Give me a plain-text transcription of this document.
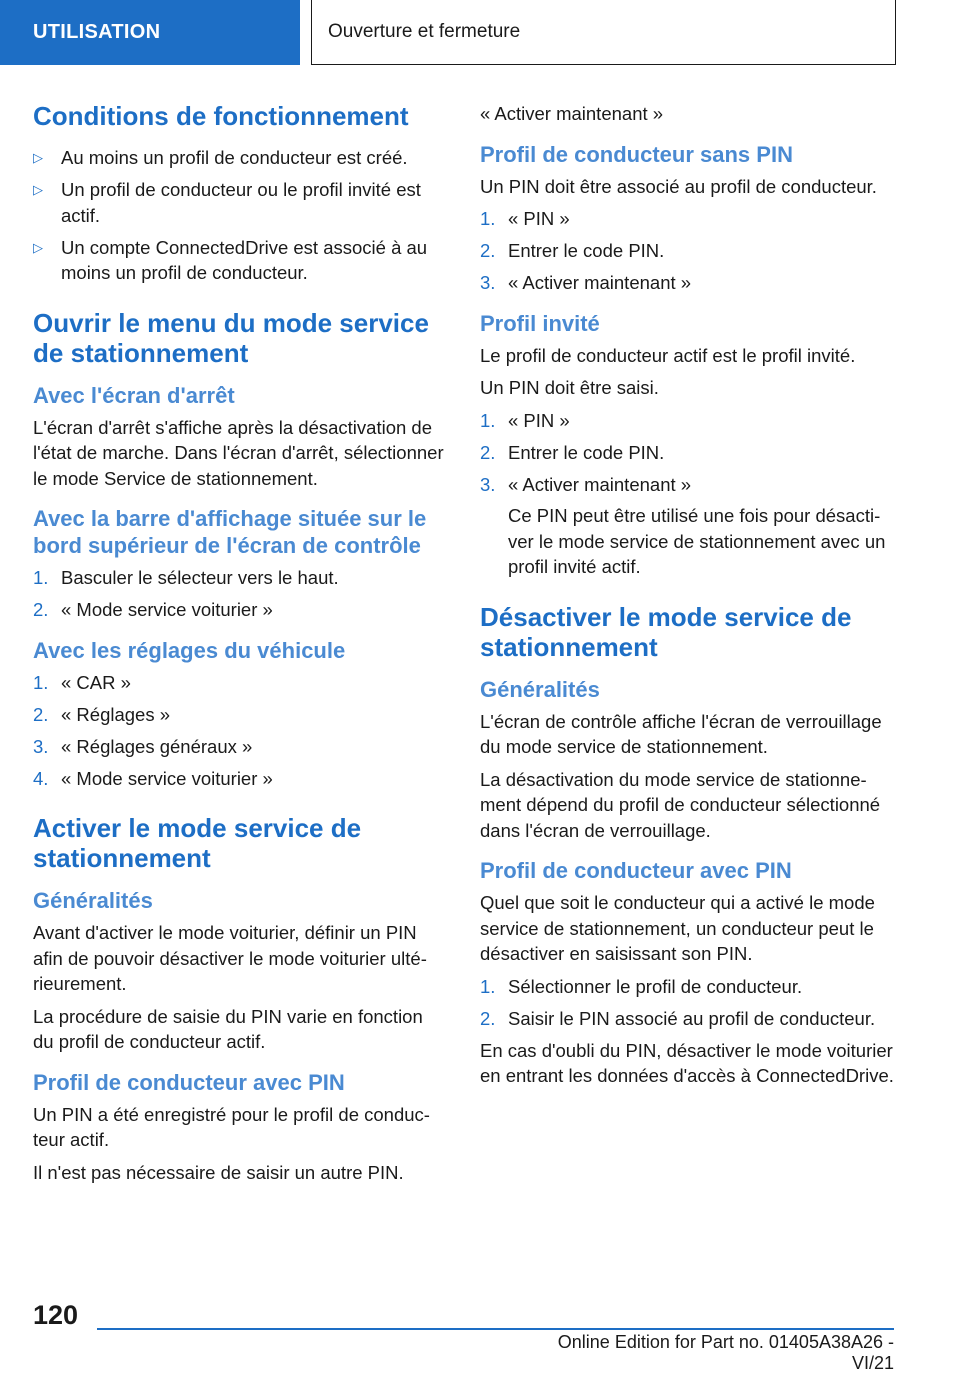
UTILISATION	Ouverture et fermeture
Conditions de fonctionnement
▷ Au moins un profil de conducteur est créé.
▷ Un profil de conducteur ou le profil invité est actif.
▷ Un compte ConnectedDrive est associé à au moins un profil de conducteur.
Ouvrir le menu du mode service de stationnement
Avec l'écran d'arrêt

L'écran d'arrêt s'affiche après la désactivation de l'état de marche. Dans l'écran d'arrêt, sélectionner le mode Service de stationnement.

Avec la barre d'affichage située sur le bord supérieur de l'écran de contrôle
1. Basculer le sélecteur vers le haut.
2. « Mode service voiturier »
Avec les réglages du véhicule
1. « CAR »
2. « Réglages »
3. « Réglages généraux »
4. « Mode service voiturier »
Activer le mode service de stationnement
Généralités

Avant d'activer le mode voiturier, définir un PIN afin de pouvoir désactiver le mode voiturier ultérieurement.

La procédure de saisie du PIN varie en fonction du profil de conducteur actif.

Profil de conducteur avec PIN

Un PIN a été enregistré pour le profil de conducteur actif.

Il n'est pas nécessaire de saisir un autre PIN.

« Activer maintenant »

Profil de conducteur sans PIN

Un PIN doit être associé au profil de conducteur.

1. « PIN »
2. Entrer le code PIN.
3. « Activer maintenant »
Profil invité

Le profil de conducteur actif est le profil invité.

Un PIN doit être saisi.

1. « PIN »
2. Entrer le code PIN.
3. « Activer maintenant »
Ce PIN peut être utilisé une fois pour désactiver le mode service de stationnement avec un profil invité actif.
Désactiver le mode service de stationnement
Généralités

L'écran de contrôle affiche l'écran de verrouillage du mode service de stationnement.

La désactivation du mode service de stationnement dépend du profil de conducteur sélectionné dans l'écran de verrouillage.

Profil de conducteur avec PIN

Quel que soit le conducteur qui a activé le mode service de stationnement, un conducteur peut le désactiver en saisissant son PIN.

1. Sélectionner le profil de conducteur.
2. Saisir le PIN associé au profil de conducteur.

En cas d'oubli du PIN, désactiver le mode voiturier en entrant les données d'accès à ConnectedDrive.

120
Online Edition for Part no. 01405A38A26 - VI/21
